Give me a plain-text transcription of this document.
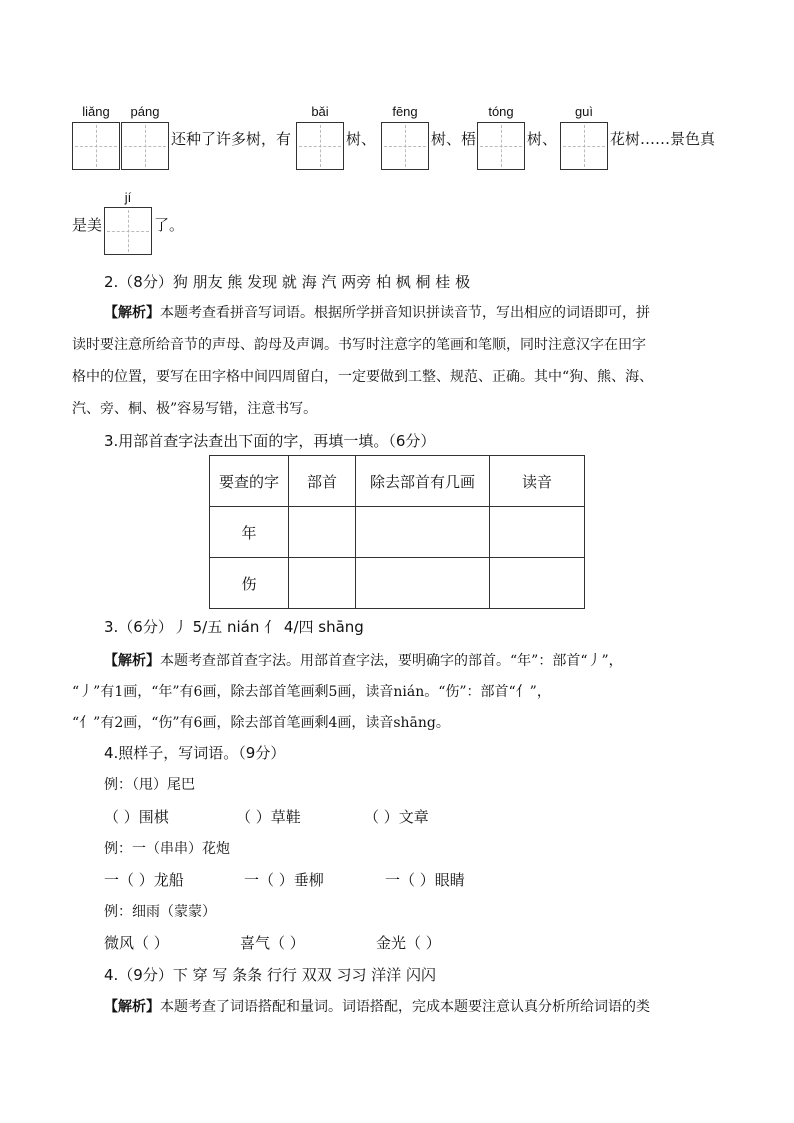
liǎng	páng	bǎi	fēng	tóng	guì
还种了许多树，有	树、	树、梧	树、	花树……景色真
jí
是美	了。
2.（8分）狗 朋友 熊 发现 就 海 汽 两旁 柏 枫 桐 桂 极
【解析】本题考查看拼音写词语。根据所学拼音知识拼读音节，写出相应的词语即可，拼
读时要注意所给音节的声母、韵母及声调。书写时注意字的笔画和笔顺，同时注意汉字在田字
格中的位置，要写在田字格中间四周留白，一定要做到工整、规范、正确。其中“狗、熊、海、
汽、旁、桐、极”容易写错，注意书写。
3.用部首查字法查出下面的字，再填一填。（6分）
要查的字	部首	除去部首有几画	读音
年			
伤			
3.（6分）丿 5/五 nián 亻 4/四 shāng
【解析】本题考查部首查字法。用部首查字法，要明确字的部首。“年”：部首“丿”，
“丿”有1画，“年”有6画，除去部首笔画剩5画，读音nián。“伤”：部首“亻”，
“亻”有2画，“伤”有6画，除去部首笔画剩4画，读音shāng。
4.照样子，写词语。（9分）
例：（甩）尾巴
（ ）围棋	（ ）草鞋	（ ）文章
例：一（串串）花炮
一（ ）龙船	一（ ）垂柳	一（ ）眼睛
例：细雨（蒙蒙）
微风（ ）	喜气（ ）	金光（ ）
4.（9分）下 穿 写 条条 行行 双双 习习 洋洋 闪闪
【解析】本题考查了词语搭配和量词。词语搭配，完成本题要注意认真分析所给词语的类
